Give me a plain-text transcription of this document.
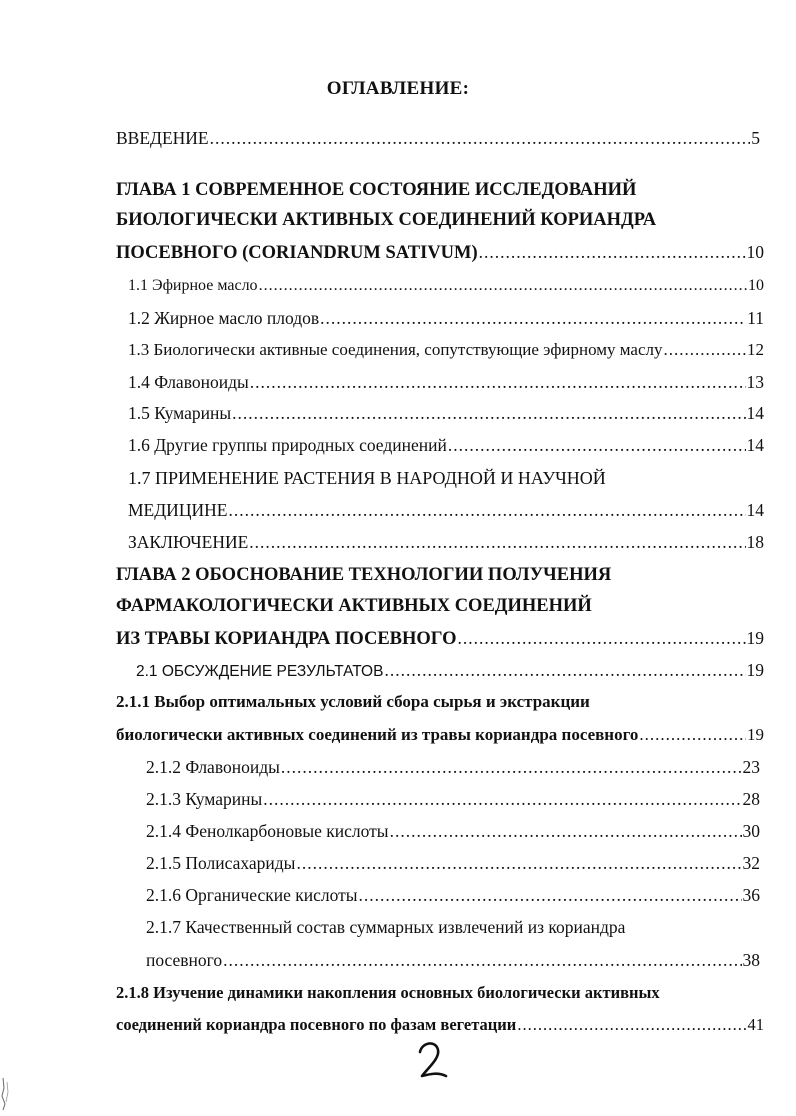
ОГЛАВЛЕНИЕ:
ВВЕДЕНИЕ .....	5
ГЛАВА 1 СОВРЕМЕННОЕ СОСТОЯНИЕ ИССЛЕДОВАНИЙ
БИОЛОГИЧЕСКИ АКТИВНЫХ СОЕДИНЕНИЙ КОРИАНДРА
ПОСЕВНОГО (CORIANDRUM SATIVUM) .....	10
1.1 Эфирное масло .....	10
1.2 Жирное масло плодов .....	11
1.3 Биологически активные соединения, сопутствующие эфирному маслу .....	12
1.4 Флавоноиды .....	13
1.5 Кумарины .....	14
1.6 Другие группы природных соединений .....	14
1.7 ПРИМЕНЕНИЕ РАСТЕНИЯ В НАРОДНОЙ И НАУЧНОЙ
МЕДИЦИНЕ .....	14
ЗАКЛЮЧЕНИЕ .....	18
ГЛАВА 2 ОБОСНОВАНИЕ ТЕХНОЛОГИИ ПОЛУЧЕНИЯ
ФАРМАКОЛОГИЧЕСКИ АКТИВНЫХ СОЕДИНЕНИЙ
ИЗ ТРАВЫ КОРИАНДРА ПОСЕВНОГО .....	19
2.1 ОБСУЖДЕНИЕ РЕЗУЛЬТАТОВ .....	19
2.1.1 Выбор оптимальных условий сбора сырья и экстракции
биологически активных соединений из травы кориандра посевного .....	19
2.1.2 Флавоноиды .....	23
2.1.3 Кумарины .....	28
2.1.4 Фенолкарбоновые кислоты .....	30
2.1.5 Полисахариды .....	32
2.1.6 Органические кислоты .....	36
2.1.7 Качественный состав суммарных извлечений из кориандра
посевного .....	38
2.1.8 Изучение динамики накопления основных биологически активных
соединений кориандра посевного по фазам вегетации .....	41
